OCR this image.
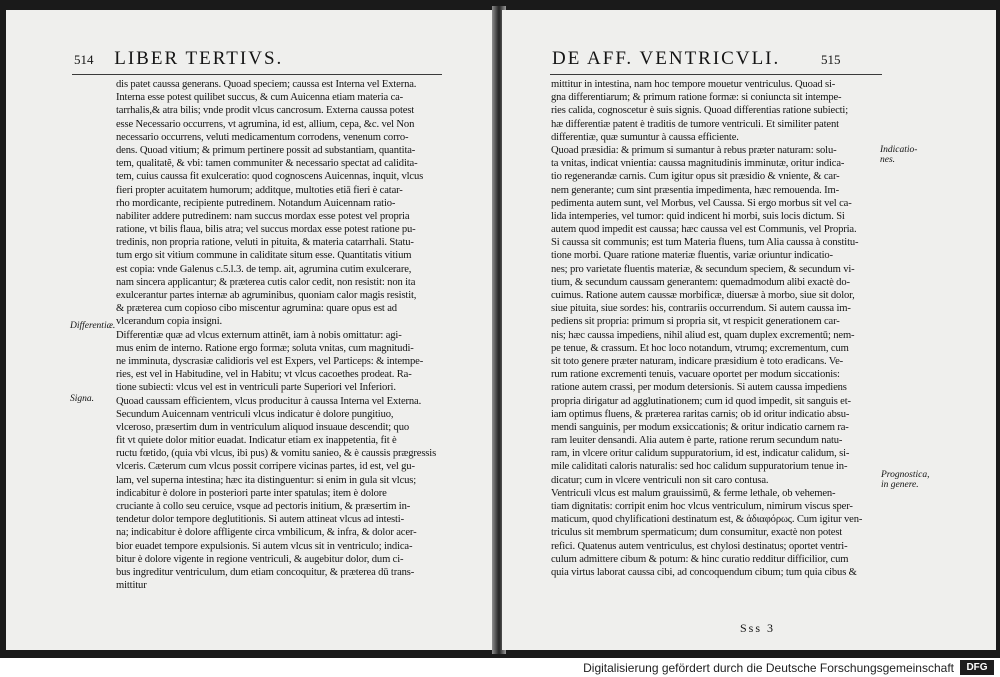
514 LIBER TERTIVS.
Differentiæ.
Signa.
dis patet caussa generans. Quoad speciem; caussa est Interna vel Externa.
Interna esse potest quilibet succus, & cum Auicenna etiam materia ca-
tarrhalis,& atra bilis; vnde prodit vlcus cancrosum. Externa caussa potest
esse Necessario occurrens, vt agrumina, id est, allium, cepa, &c. vel Non
necessario occurrens, veluti medicamentum corrodens, venenum corro-
dens. Quoad vitium; & primum pertinere possit ad substantiam, quantita-
tem, qualitatẽ, & vbi: tamen communiter & necessario spectat ad calidita-
tem, cuius caussa fit exulceratio: quod cognoscens Auicennas, inquit, vlcus
fieri propter acuitatem humorum; additque, multoties etiā fieri è catar-
rho mordicante, recipiente putredinem. Notandum Auicennam ratio-
nabiliter addere putredinem: nam succus mordax esse potest vel propria
ratione, vt bilis flaua, bilis atra; vel succus mordax esse potest ratione pu-
tredinis, non propria ratione, veluti in pituita, & materia catarrhali. Statu-
tum ergo sit vitium commune in caliditate situm esse. Quantitatis vitium
est copia: vnde Galenus c.5.l.3. de temp. ait, agrumina cutim exulcerare,
nam sincera applicantur; & præterea cutis calor cedit, non resistit: non ita
exulcerantur partes internæ ab agruminibus, quoniam calor magis resistit,
& præterea cum copioso cibo miscentur agrumina: quare opus est ad
vlcerandum copia insigni.
Differentiæ quæ ad vlcus externum attinēt, iam à nobis omittatur: agi-
mus enim de interno. Ratione ergo formæ; soluta vnitas, cum magnitudi-
ne imminuta, dyscrasiæ calidioris vel est Expers, vel Particeps: & intempe-
ries, est vel in Habitudine, vel in Habitu; vt vlcus cacoethes prodeat. Ra-
tione subiecti: vlcus vel est in ventriculi parte Superiori vel Inferiori.
Quoad caussam efficientem, vlcus producitur à caussa Interna vel Externa.
Secundum Auicennam ventriculi vlcus indicatur è dolore pungitiuo,
vlceroso, præsertim dum in ventriculum aliquod insuaue descendit; quo
fit vt quiete dolor mitior euadat. Indicatur etiam ex inappetentia, fit è
ructu fœtido, (quia vbi vlcus, ibi pus) & vomitu sanieo, & è caussis prægressis
vlceris. Cæterum cum vlcus possit corripere vicinas partes, id est, vel gu-
lam, vel superna intestina; hæc ita distinguentur: si enim in gula sit vlcus;
indicabitur è dolore in posteriori parte inter spatulas; item è dolore
cruciante à collo seu ceruice, vsque ad pectoris initium, & præsertim in-
tendetur dolor tempore deglutitionis. Si autem attineat vlcus ad intesti-
na; indicabitur è dolore affligente circa vmbilicum, & infra, & dolor acer-
bior euadet tempore expulsionis. Si autem vlcus sit in ventriculo; indica-
bitur è dolore vigente in regione ventriculi, & augebitur dolor, dum ci-
bus ingreditur ventriculum, dum etiam concoquitur, & præterea dū trans-
mittitur
DE AFF. VENTRICVLI.	515
Indicatio-
nes.
Prognostica,
in genere.
mittitur in intestina, nam hoc tempore mouetur ventriculus. Quoad si-
gna differentiarum; & primum ratione formæ: si coniuncta sit intempe-
ries calida, cognoscetur è suis signis. Quoad differentias ratione subiecti;
hæ differentiæ patent è traditis de tumore ventriculi. Et similiter patent
differentiæ, quæ sumuntur à caussa efficiente.
Quoad præsidia: & primum si sumantur à rebus præter naturam: solu-
ta vnitas, indicat vnientia: caussa magnitudinis imminutæ, oritur indica-
tio regenerandæ carnis. Cum igitur opus sit præsidio & vniente, & car-
nem generante; cum sint præsentia impedimenta, hæc remouenda. Im-
pedimenta autem sunt, vel Morbus, vel Caussa. Si ergo morbus sit vel ca-
lida intemperies, vel tumor: quid indicent hi morbi, suis locis dictum. Si
autem quod impedit est caussa; hæc caussa vel est Communis, vel Propria.
Si caussa sit communis; est tum Materia fluens, tum Alia caussa à constitu-
tione morbi. Quare ratione materiæ fluentis, variæ oriuntur indicatio-
nes; pro varietate fluentis materiæ, & secundum speciem, & secundum vi-
tium, & secundum caussam generantem: quemadmodum alibi exactè do-
cuimus. Ratione autem caussæ morbificæ, diuersæ à morbo, siue sit dolor,
siue pituita, siue sordes: his, contrariis occurrendum. Si autem caussa im-
pediens sit propria: primum si propria sit, vt respicit generationem car-
nis; hæc caussa impediens, nihil aliud est, quam duplex excrementū; nem-
pe tenue, & crassum. Et hoc loco notandum, vtrumq; excrementum, cum
sit toto genere præter naturam, indicare præsidium è toto eradicans. Ve-
rum ratione excrementi tenuis, vacuare oportet per modum siccationis:
ratione autem crassi, per modum detersionis. Si autem caussa impediens
propria dirigatur ad agglutinationem; cum id quod impedit, sit sanguis et-
iam optimus fluens, & præterea raritas carnis; ob id oritur indicatio absu-
mendi sanguinis, per modum exsiccationis; & oritur indicatio carnem ra-
ram leuiter densandi. Alia autem è parte, ratione rerum secundum natu-
ram, in vlcere oritur calidum suppuratorium, id est, indicatur calidum, si-
mile caliditati caloris naturalis: sed hoc calidum suppuratorium tenue in-
dicatur; cum in vlcere ventriculi non sit caro contusa.
Ventriculi vlcus est malum grauissimū, & ferme lethale, ob vehemen-
tiam dignitatis: corripit enim hoc vlcus ventriculum, nimirum viscus sper-
maticum, quod chylificationi destinatum est, & ἀδιαφόρως. Cum igitur ven-
triculus sit membrum spermaticum; dum consumitur, exactè non potest
refici. Quatenus autem ventriculus, est chylosi destinatus; oportet ventri-
culum admittere cibum & potum: & hinc curatio redditur difficilior, cum
quia virtus laborat caussa cibi, ad concoquendum cibum; tum quia cibus &
Sss 3
Digitalisierung gefördert durch die Deutsche Forschungsgemeinschaft	DFG
